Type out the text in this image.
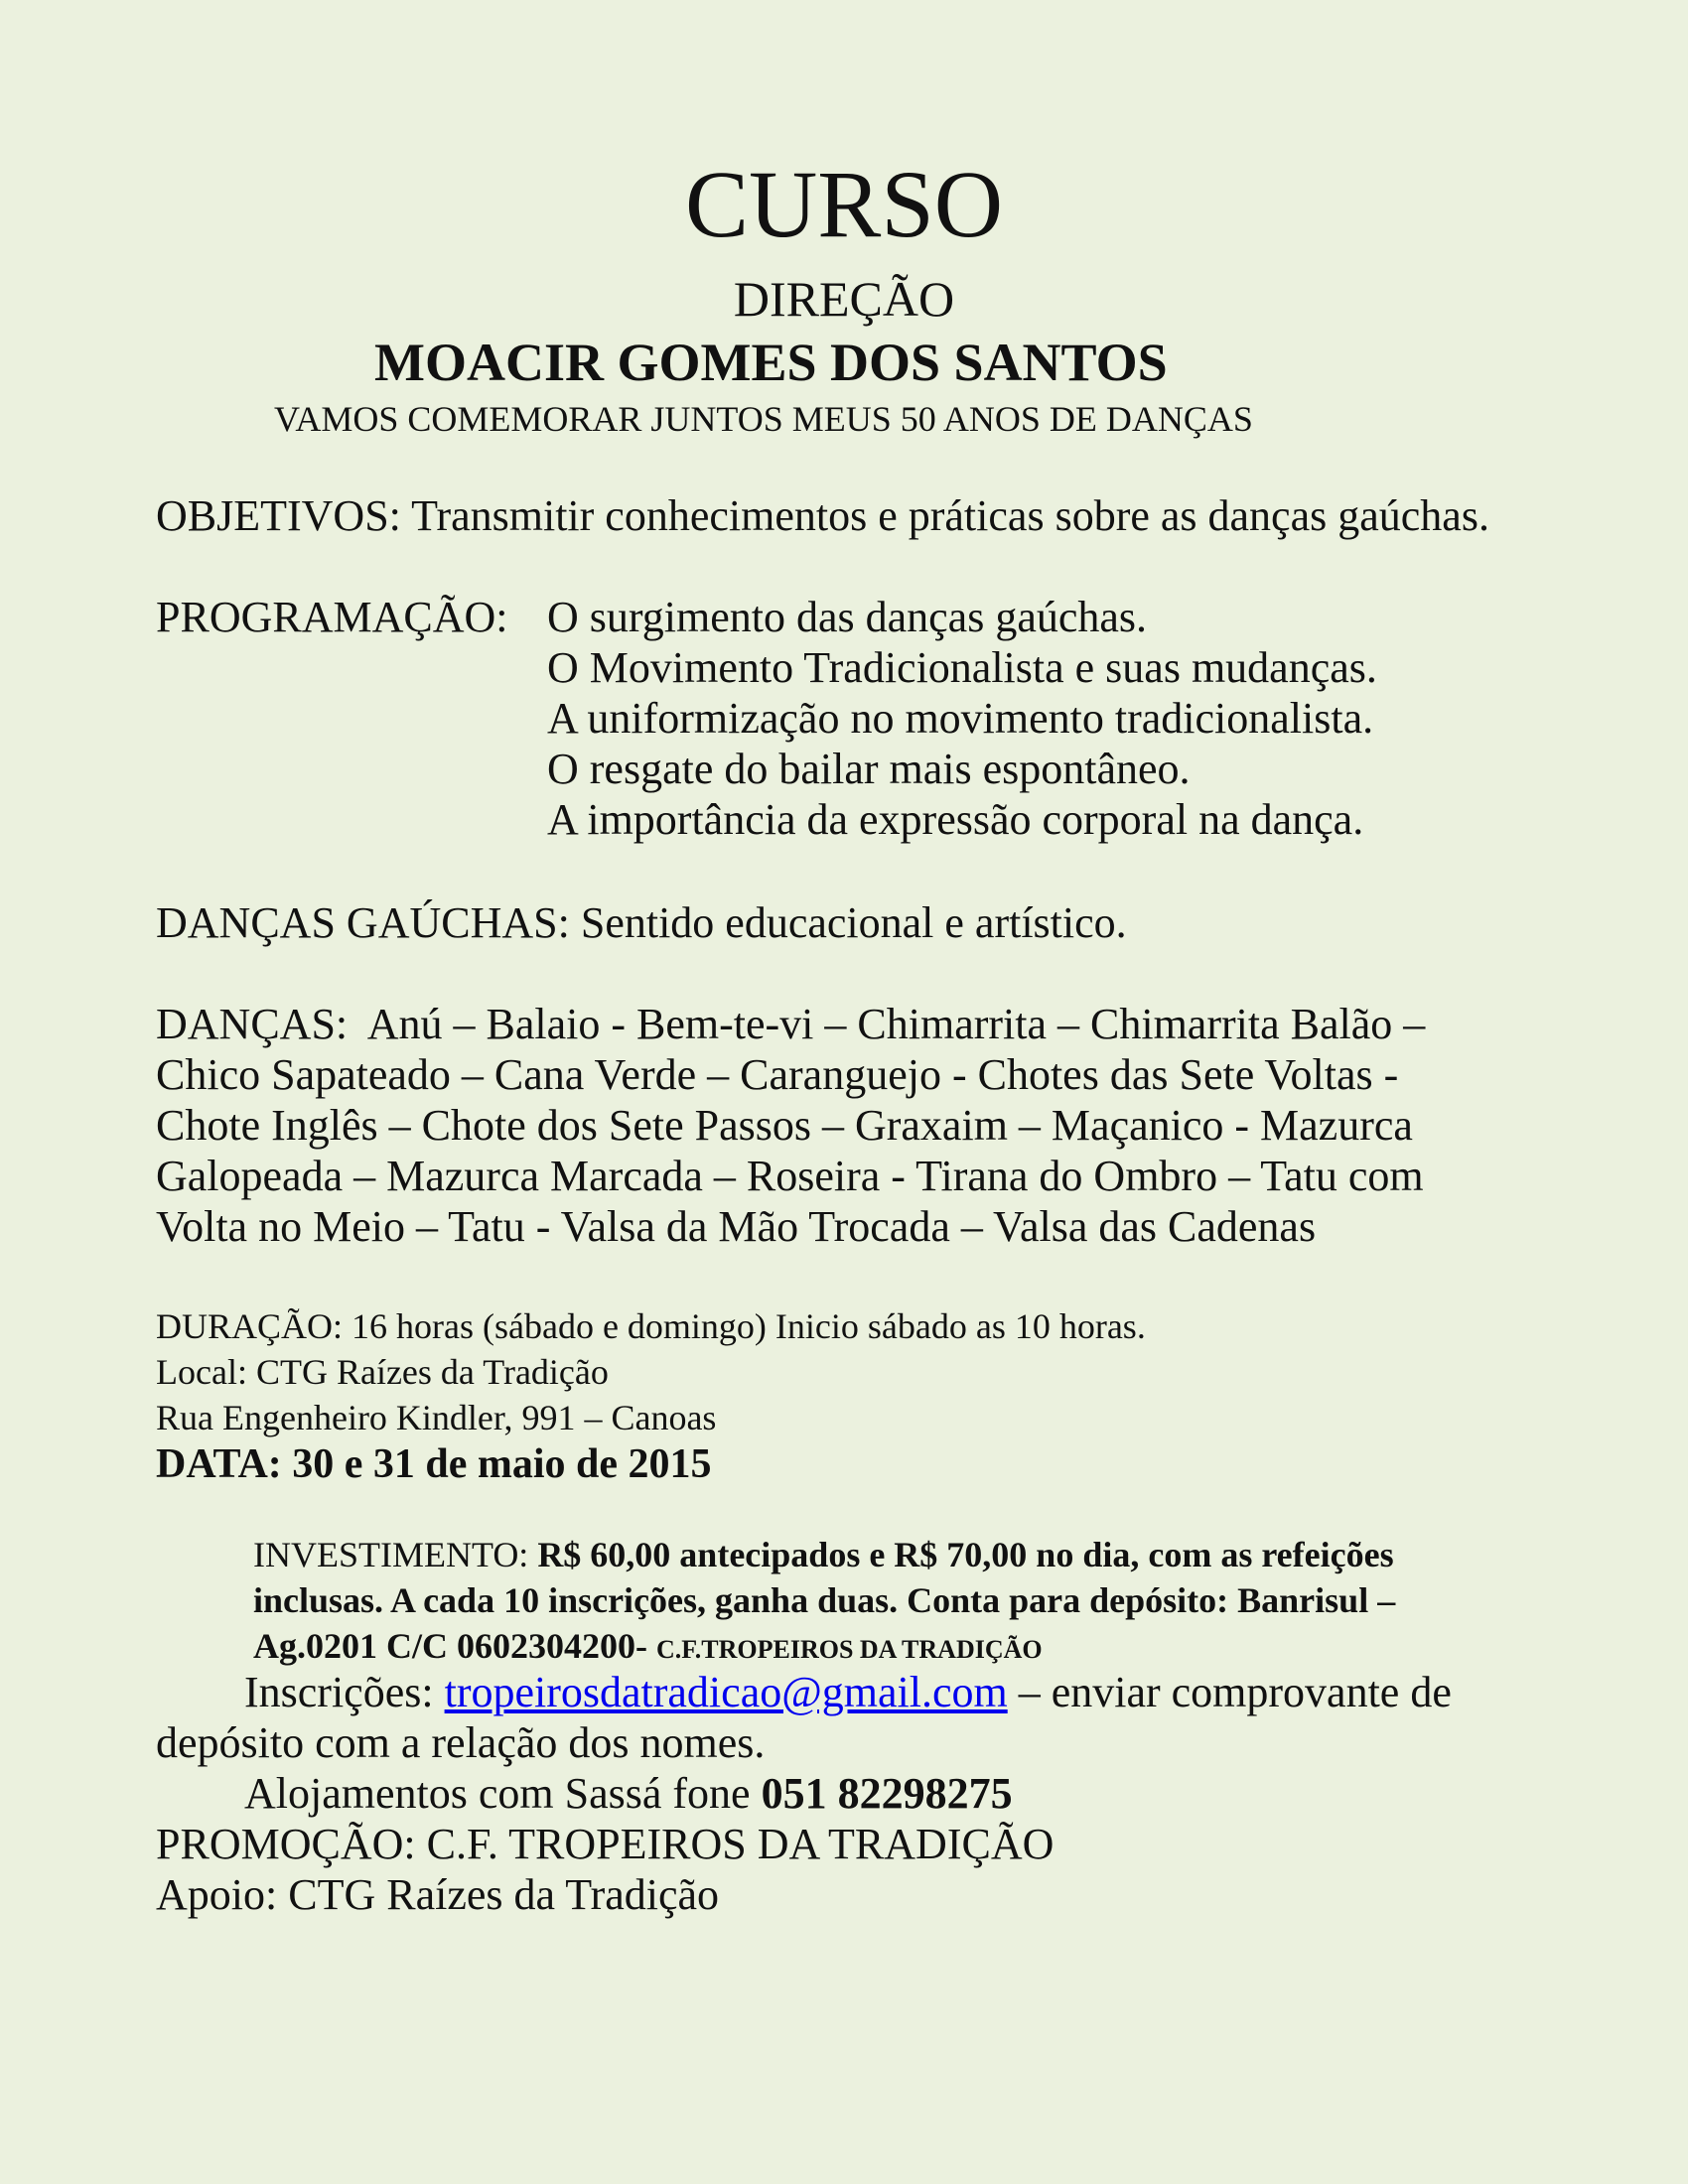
CURSO
DIREÇÃO
MOACIR GOMES DOS SANTOS
VAMOS COMEMORAR JUNTOS MEUS 50 ANOS DE DANÇAS
OBJETIVOS: Transmitir conhecimentos e práticas sobre as danças gaúchas.
PROGRAMAÇÃO: O surgimento das danças gaúchas.
O Movimento Tradicionalista e suas mudanças.
A uniformização no movimento tradicionalista.
O resgate do bailar mais espontâneo.
A importância da expressão corporal na dança.
DANÇAS GAÚCHAS: Sentido educacional e artístico.
DANÇAS: Anú – Balaio - Bem-te-vi – Chimarrita – Chimarrita Balão –
Chico Sapateado – Cana Verde – Caranguejo - Chotes das Sete Voltas -
Chote Inglês – Chote dos Sete Passos – Graxaim – Maçanico - Mazurca
Galopeada – Mazurca Marcada – Roseira - Tirana do Ombro – Tatu com
Volta no Meio – Tatu - Valsa da Mão Trocada – Valsa das Cadenas
DURAÇÃO: 16 horas (sábado e domingo) Inicio sábado as 10 horas.
Local: CTG Raízes da Tradição
Rua Engenheiro Kindler, 991 – Canoas
DATA: 30 e 31 de maio de 2015
INVESTIMENTO: R$ 60,00 antecipados e R$ 70,00 no dia, com as refeições
inclusas. A cada 10 inscrições, ganha duas. Conta para depósito: Banrisul –
Ag.0201 C/C 0602304200- C.F.TROPEIROS DA TRADIÇÃO
Inscrições: tropeirosdatradicao@gmail.com – enviar comprovante de
depósito com a relação dos nomes.
Alojamentos com Sassá fone 051 82298275
PROMOÇÃO: C.F. TROPEIROS DA TRADIÇÃO
Apoio: CTG Raízes da Tradição
